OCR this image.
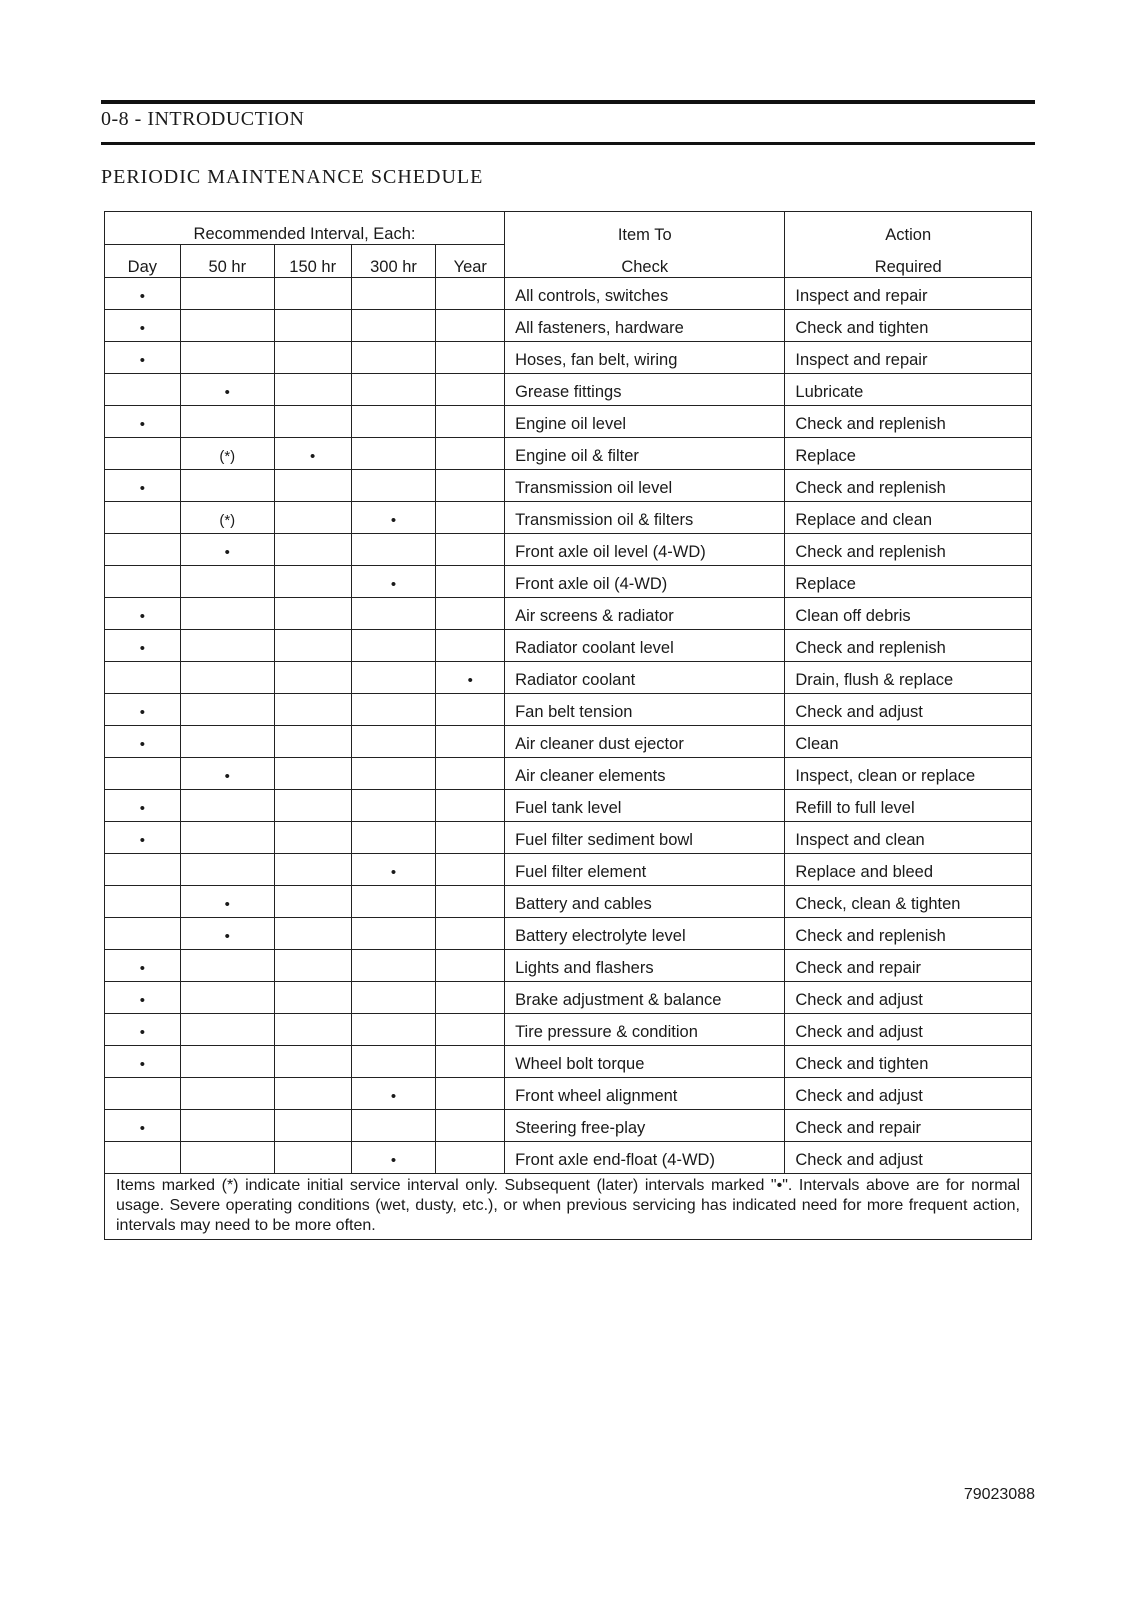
0-8 - INTRODUCTION
PERIODIC MAINTENANCE SCHEDULE
Recommended Interval, Each:					Item To	Action
Day	50 hr	150 hr	300 hr	Year	Check	Required
•					All controls, switches	Inspect and repair
•					All fasteners, hardware	Check and tighten
•					Hoses, fan belt, wiring	Inspect and repair
	•				Grease fittings	Lubricate
•					Engine oil level	Check and replenish
	(*)	•			Engine oil & filter	Replace
•					Transmission oil level	Check and replenish
	(*)		•		Transmission oil & filters	Replace and clean
	•				Front axle oil level (4-WD)	Check and replenish
			•		Front axle oil (4-WD)	Replace
•					Air screens & radiator	Clean off debris
•					Radiator coolant level	Check and replenish
				•	Radiator coolant	Drain, flush & replace
•					Fan belt tension	Check and adjust
•					Air cleaner dust ejector	Clean
	•				Air cleaner elements	Inspect, clean or replace
•					Fuel tank level	Refill to full level
•					Fuel filter sediment bowl	Inspect and clean
			•		Fuel filter element	Replace and bleed
	•				Battery and cables	Check, clean & tighten
	•				Battery electrolyte level	Check and replenish
•					Lights and flashers	Check and repair
•					Brake adjustment & balance	Check and adjust
•					Tire pressure & condition	Check and adjust
•					Wheel bolt torque	Check and tighten
			•		Front wheel alignment	Check and adjust
•					Steering free-play	Check and repair
			•		Front axle end-float (4-WD)	Check and adjust
Items marked (*) indicate initial service interval only. Subsequent (later) intervals marked "•". Intervals above are for normal usage. Severe operating conditions (wet, dusty, etc.), or when previous servicing has indicated need for more frequent action, intervals may need to be more often.						
79023088
